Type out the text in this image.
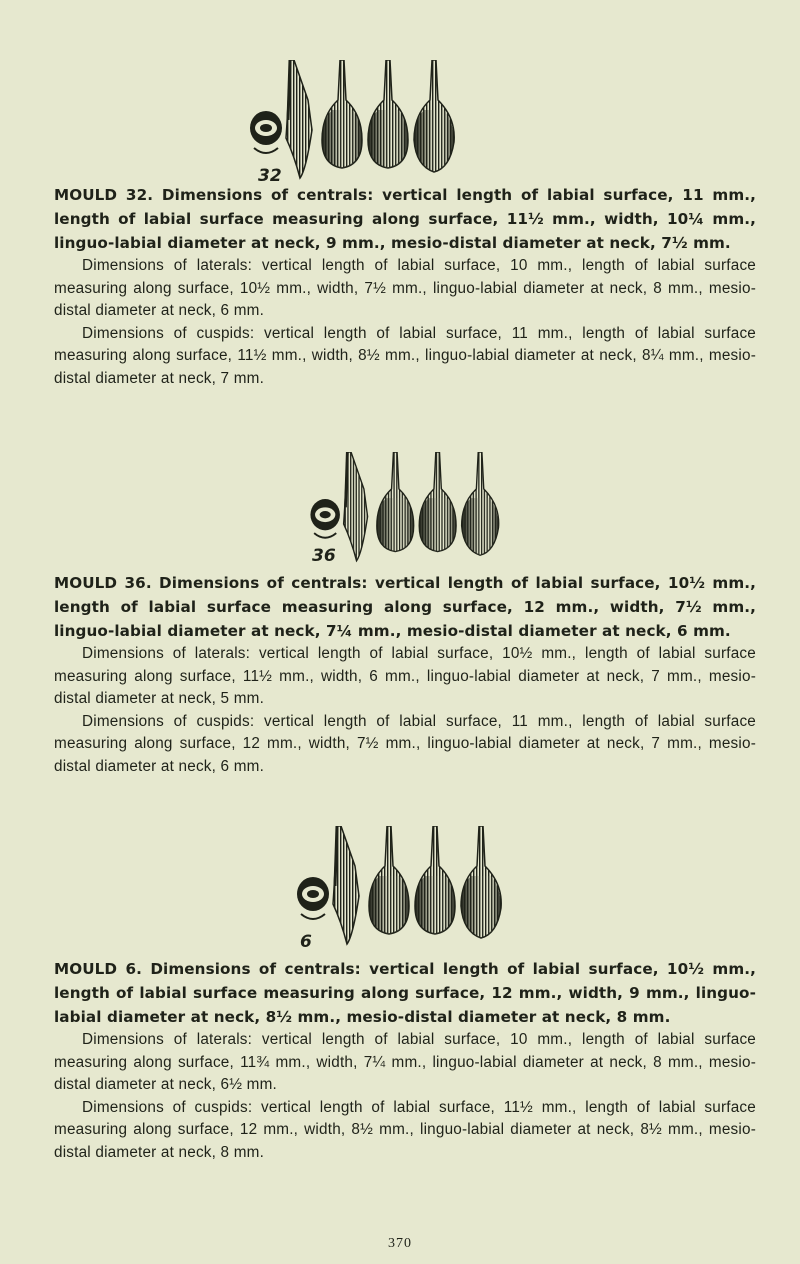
32

MOULD 32. Dimensions of centrals: vertical length of labial surface, 11 mm., length of labial surface measuring along surface, 11½ mm., width, 10¼ mm., linguo-labial diameter at neck, 9 mm., mesio-distal diameter at neck, 7½ mm.

Dimensions of laterals: vertical length of labial surface, 10 mm., length of labial surface measuring along surface, 10½ mm., width, 7½ mm., linguo-labial diameter at neck, 8 mm., mesio-distal diameter at neck, 6 mm.

Dimensions of cuspids: vertical length of labial surface, 11 mm., length of labial surface measuring along surface, 11½ mm., width, 8½ mm., linguo-labial diameter at neck, 8¼ mm., mesio-distal diameter at neck, 7 mm.

36

MOULD 36. Dimensions of centrals: vertical length of labial surface, 10½ mm., length of labial surface measuring along surface, 12 mm., width, 7½ mm., linguo-labial diameter at neck, 7¼ mm., mesio-distal diameter at neck, 6 mm.

Dimensions of laterals: vertical length of labial surface, 10½ mm., length of labial surface measuring along surface, 11½ mm., width, 6 mm., linguo-labial diameter at neck, 7 mm., mesio-distal diameter at neck, 5 mm.

Dimensions of cuspids: vertical length of labial surface, 11 mm., length of labial surface measuring along surface, 12 mm., width, 7½ mm., linguo-labial diameter at neck, 7 mm., mesio-distal diameter at neck, 6 mm.

6

MOULD 6. Dimensions of centrals: vertical length of labial surface, 10½ mm., length of labial surface measuring along surface, 12 mm., width, 9 mm., linguo-labial diameter at neck, 8½ mm., mesio-distal diameter at neck, 8 mm.

Dimensions of laterals: vertical length of labial surface, 10 mm., length of labial surface measuring along surface, 11¾ mm., width, 7¼ mm., linguo-labial diameter at neck, 8 mm., mesio-distal diameter at neck, 6½ mm.

Dimensions of cuspids: vertical length of labial surface, 11½ mm., length of labial surface measuring along surface, 12 mm., width, 8½ mm., linguo-labial diameter at neck, 8½ mm., mesio-distal diameter at neck, 8 mm.

370
